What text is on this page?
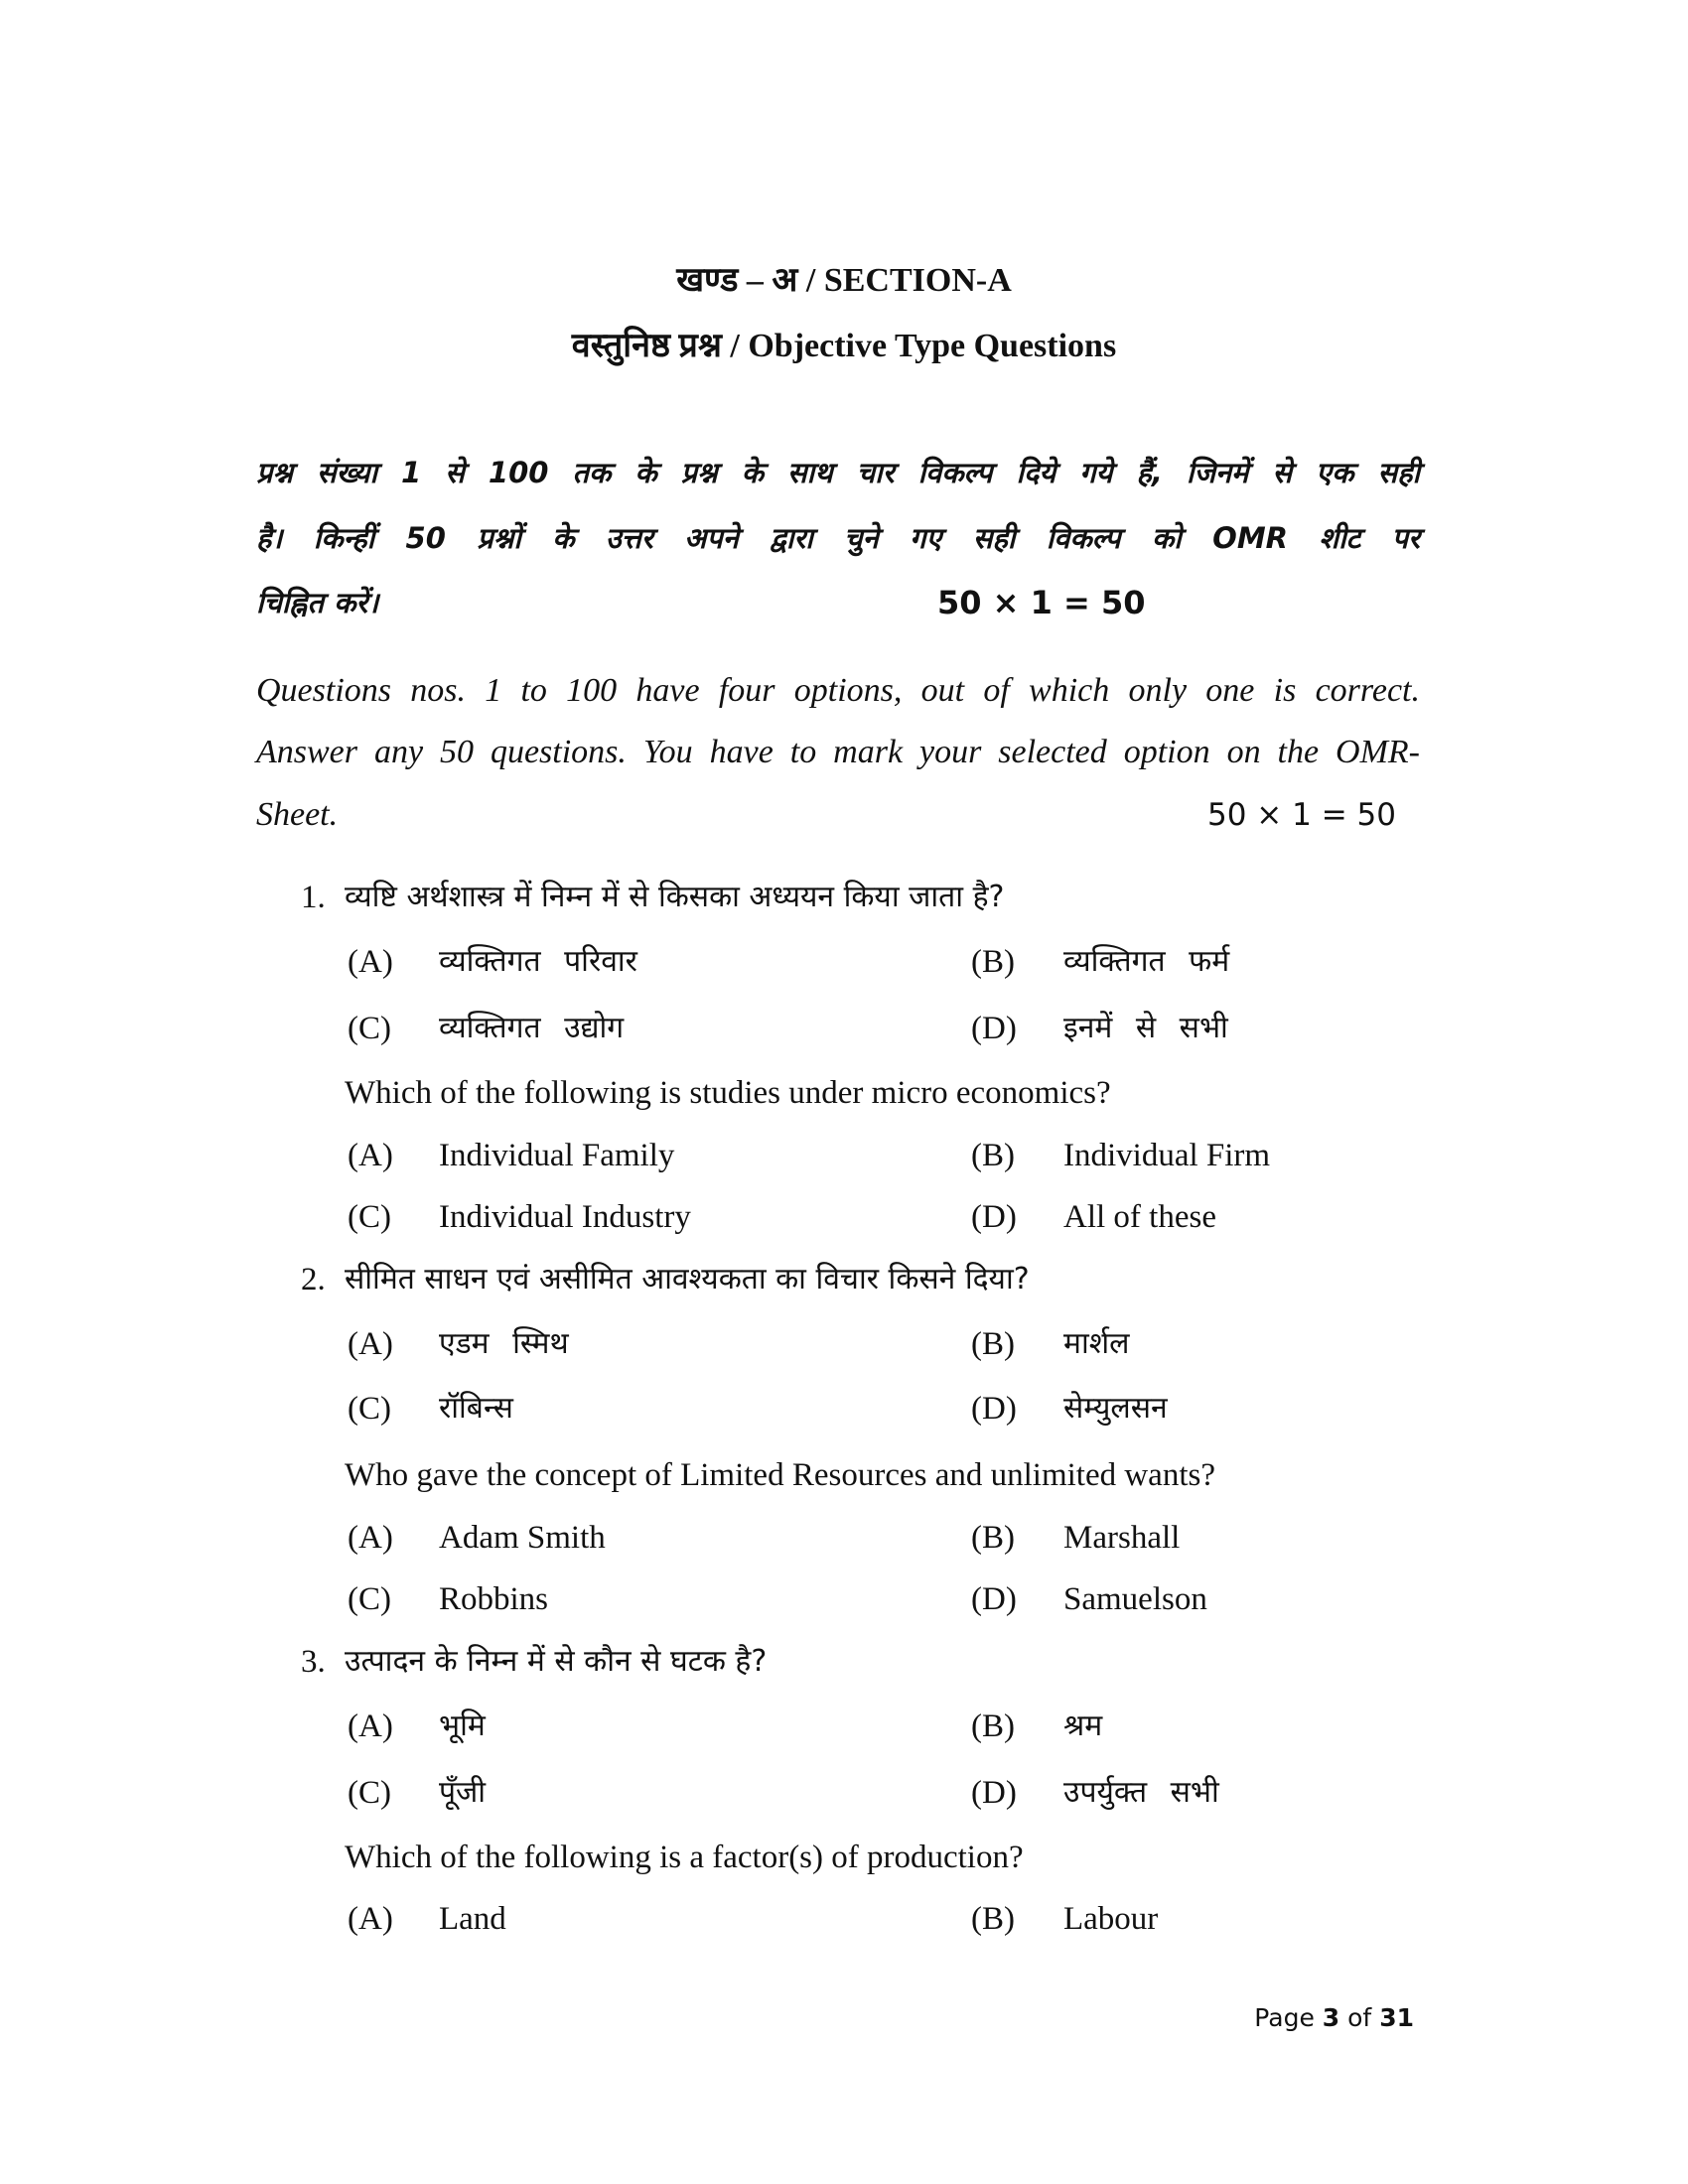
खण्ड – अ / SECTION-A
वस्तुनिष्ठ प्रश्न / Objective Type Questions
प्रश्न संख्या 1 से 100 तक के प्रश्न के साथ चार विकल्प दिये गये हैं, जिनमें से एक सही
है। किन्हीं 50 प्रश्नों के उत्तर अपने द्वारा चुने गए सही विकल्प को OMR शीट पर
चिह्नित करें।	50 × 1 = 50
Questions nos. 1 to 100 have four options, out of which only one is correct.
Answer any 50 questions. You have to mark your selected option on the OMR-
Sheet.	50 × 1 = 50
1. व्यष्टि अर्थशास्त्र में निम्न में से किसका अध्ययन किया जाता है?
(A) व्यक्तिगत परिवार	(B) व्यक्तिगत फर्म
(C) व्यक्तिगत उद्योग	(D) इनमें से सभी
Which of the following is studies under micro economics?
(A) Individual Family	(B) Individual Firm
(C) Individual Industry	(D) All of these
2. सीमित साधन एवं असीमित आवश्यकता का विचार किसने दिया?
(A) एडम स्मिथ	(B) मार्शल
(C) रॉबिन्स	(D) सेम्युलसन
Who gave the concept of Limited Resources and unlimited wants?
(A) Adam Smith	(B) Marshall
(C) Robbins	(D) Samuelson
3. उत्पादन के निम्न में से कौन से घटक है?
(A) भूमि	(B) श्रम
(C) पूँजी	(D) उपर्युक्त सभी
Which of the following is a factor(s) of production?
(A) Land	(B) Labour
Page 3 of 31
